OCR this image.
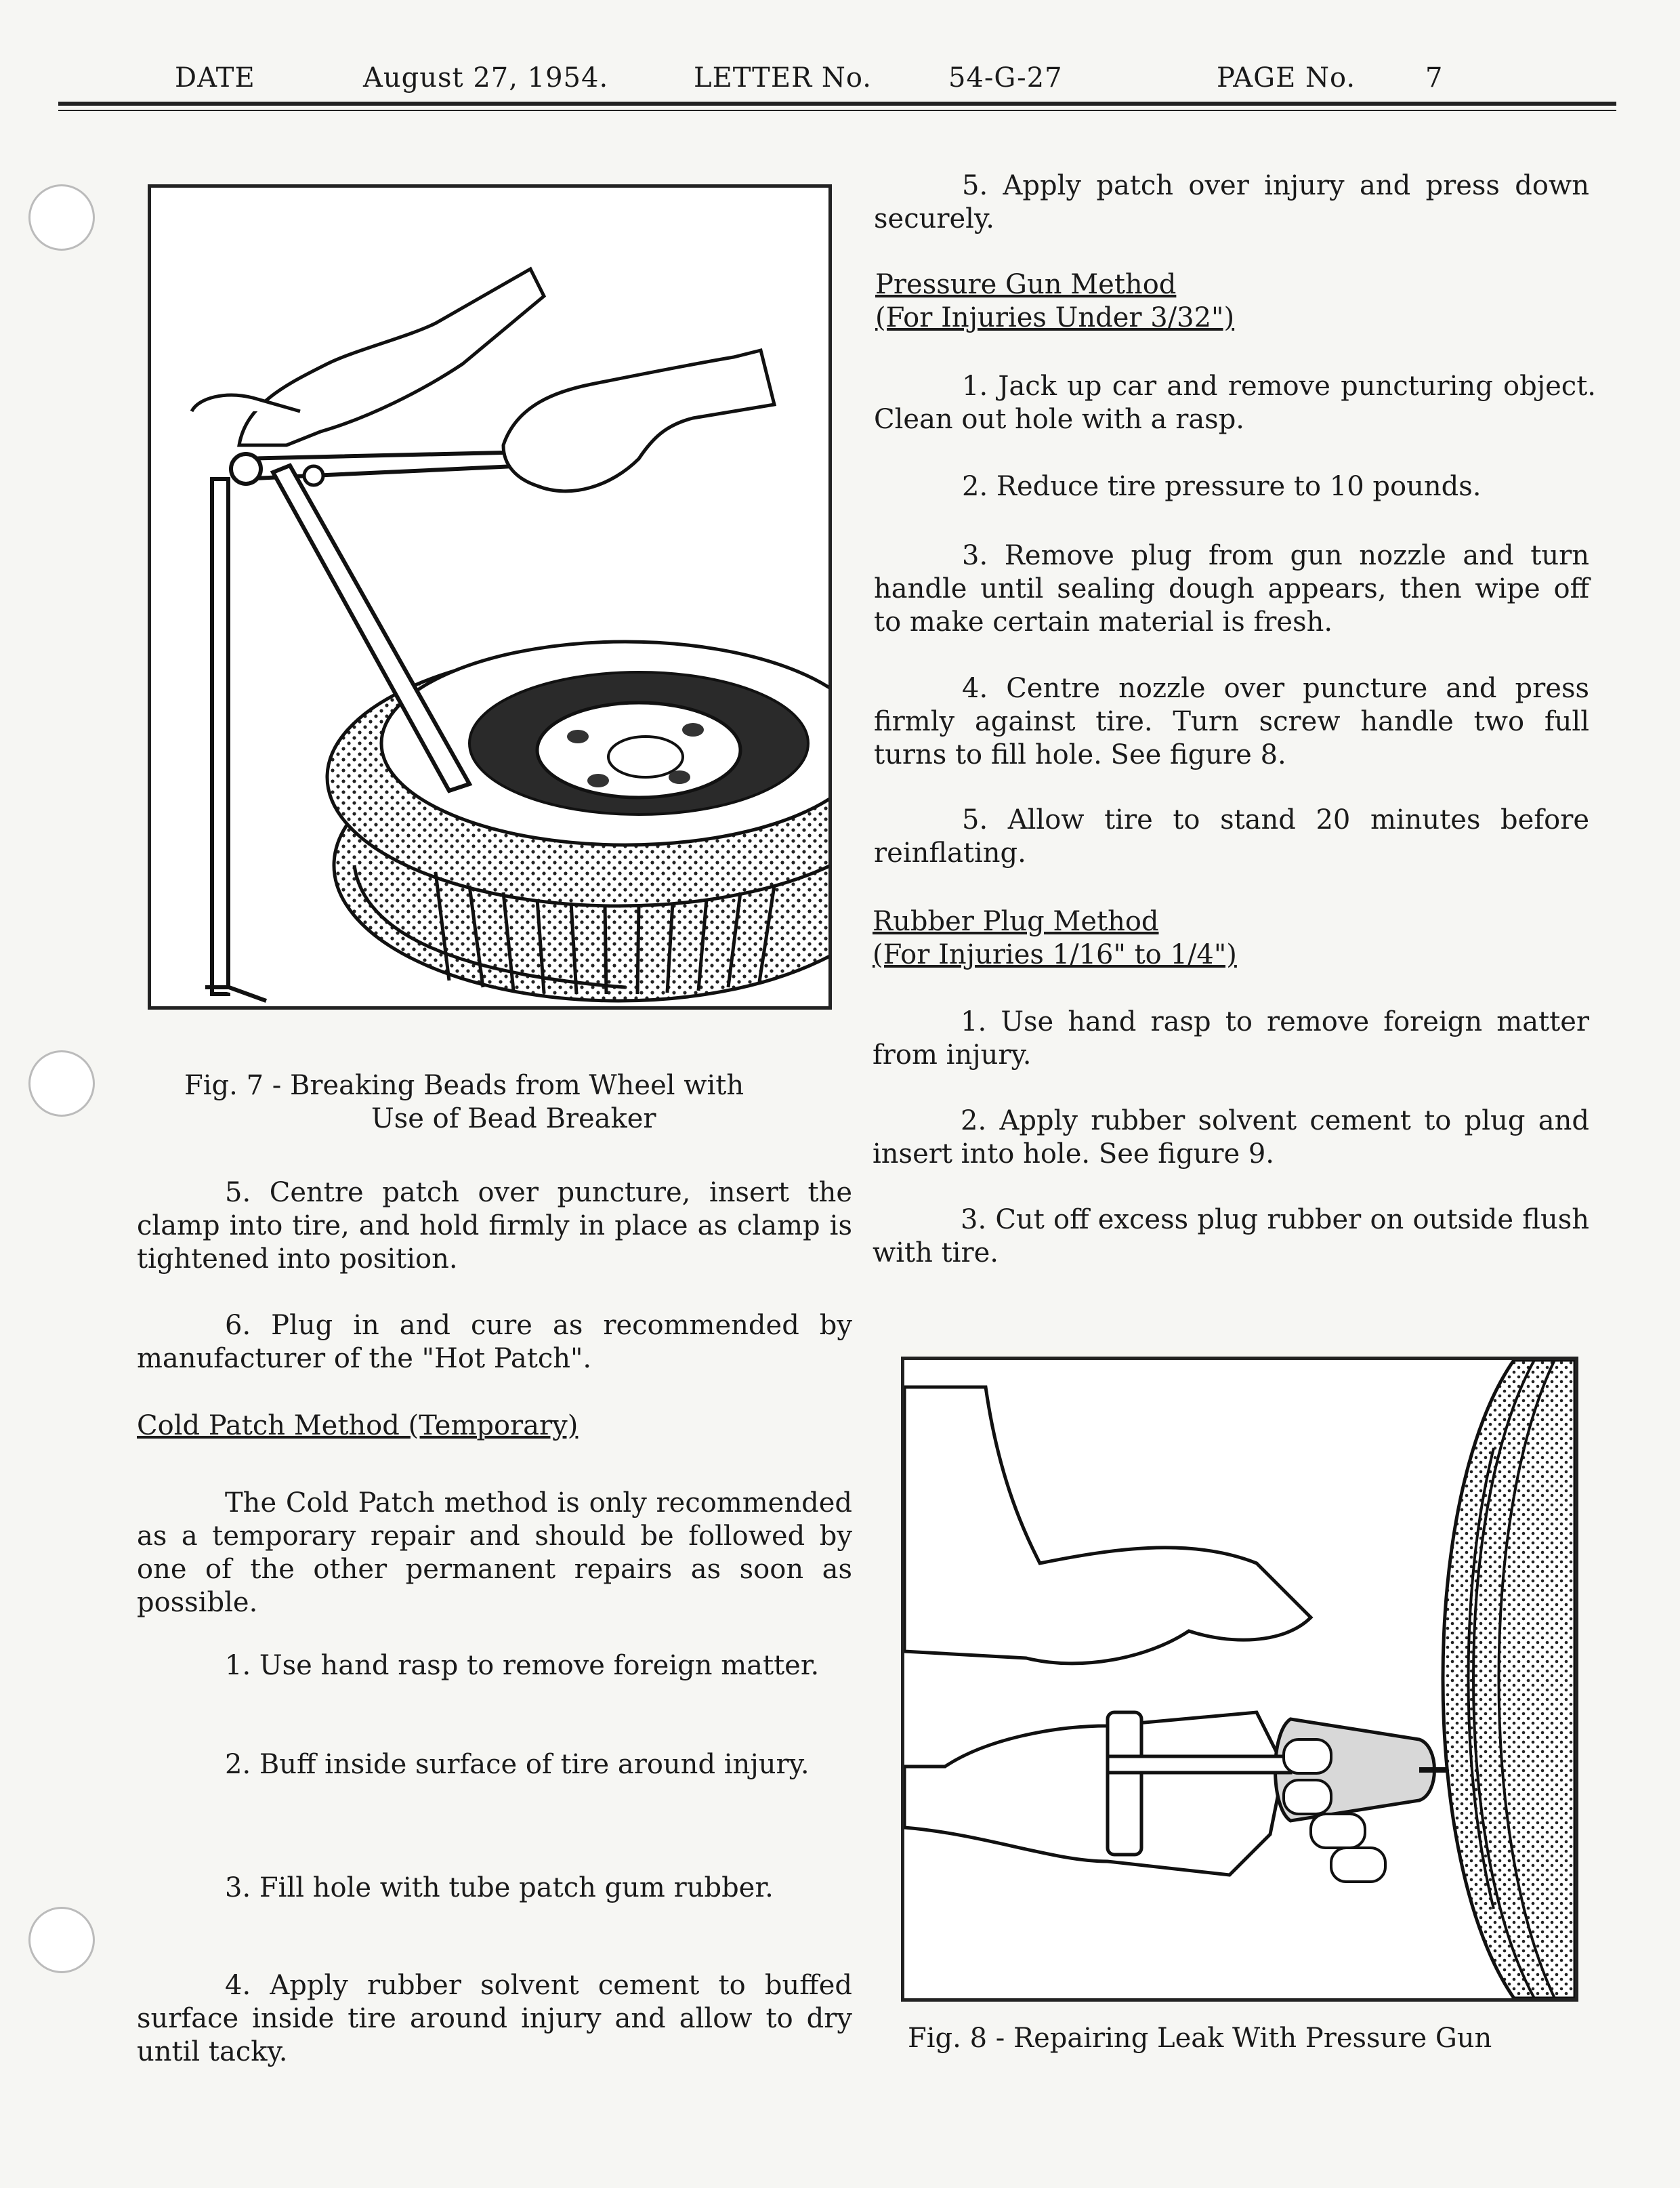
DATE	August 27, 1954.	LETTER No.	54-G-27	PAGE No.	7
Fig. 7 - Breaking Beads from Wheel with
Use of Bead Breaker
5. Centre patch over puncture, insert the clamp into tire, and hold firmly in place as clamp is tightened into position.
6. Plug in and cure as recommended by manufacturer of the "Hot Patch".
Cold Patch Method (Temporary)
The Cold Patch method is only recommended as a temporary repair and should be followed by one of the other permanent repairs as soon as possible.
1. Use hand rasp to remove foreign matter.
2. Buff inside surface of tire around injury.
3. Fill hole with tube patch gum rubber.
4. Apply rubber solvent cement to buffed surface inside tire around injury and allow to dry until tacky.
5. Apply patch over injury and press down securely.
Pressure Gun Method
(For Injuries Under 3/32")
1. Jack up car and remove puncturing object. Clean out hole with a rasp.
2. Reduce tire pressure to 10 pounds.
3. Remove plug from gun nozzle and turn handle until sealing dough appears, then wipe off to make certain material is fresh.
4. Centre nozzle over puncture and press firmly against tire. Turn screw handle two full turns to fill hole. See figure 8.
5. Allow tire to stand 20 minutes before reinflating.
Rubber Plug Method
(For Injuries 1/16" to 1/4")
1. Use hand rasp to remove foreign matter from injury.
2. Apply rubber solvent cement to plug and insert into hole. See figure 9.
3. Cut off excess plug rubber on outside flush with tire.
Fig. 8 - Repairing Leak With Pressure Gun
